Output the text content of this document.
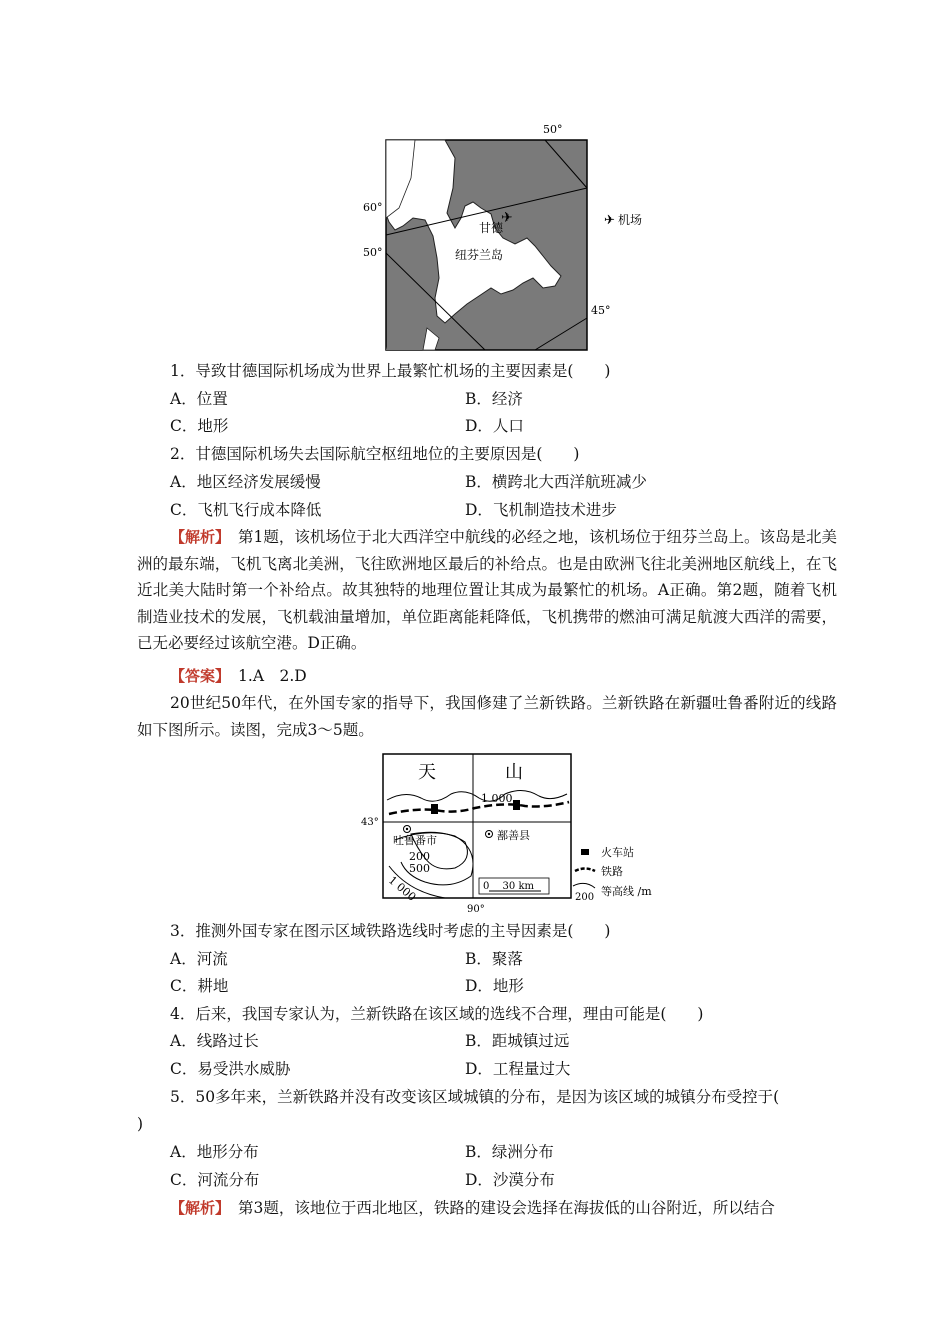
✈
甘德
纽芬兰岛
50°
60°
50°
45°
✈ 机场
1．导致甘德国际机场成为世界上最繁忙机场的主要因素是(　　)
A．位置	B．经济
C．地形	D．人口
2．甘德国际机场失去国际航空枢纽地位的主要原因是(　　)
A．地区经济发展缓慢	B．横跨北大西洋航班减少
C．飞机飞行成本降低	D．飞机制造技术进步

【解析】　 第1题，该机场位于北大西洋空中航线的必经之地，该机场位于纽芬兰岛上。该岛是北美洲的最东端，飞机飞离北美洲，飞往欧洲地区最后的补给点。也是由欧洲飞往北美洲地区航线上，在飞近北美大陆时第一个补给点。故其独特的地理位置让其成为最繁忙的机场。A正确。第2题，随着飞机制造业技术的发展，飞机载油量增加，单位距离能耗降低，飞机携带的燃油可满足航渡大西洋的需要，已无必要经过该航空港。D正确。

【答案】　 1.A　2.D

20世纪50年代，在外国专家的指导下，我国修建了兰新铁路。兰新铁路在新疆吐鲁番附近的线路如下图所示。读图，完成3～5题。

天	山
1 000
43°
吐鲁番市	鄯善县
200
500
1 000	0　 30 km
90°
火车站
铁路
200 等高线 /m
3．推测外国专家在图示区域铁路选线时考虑的主导因素是(　　)
A．河流	B．聚落
C．耕地	D．地形
4．后来，我国专家认为，兰新铁路在该区域的选线不合理，理由可能是(　　)
A．线路过长	B．距城镇过远
C．易受洪水威胁	D．工程量过大
5．50多年来，兰新铁路并没有改变该区域城镇的分布，是因为该区域的城镇分布受控于(
)
A．地形分布	B．绿洲分布
C．河流分布	D．沙漠分布
【解析】　 第3题，该地位于西北地区，铁路的建设会选择在海拔低的山谷附近，所以结合
